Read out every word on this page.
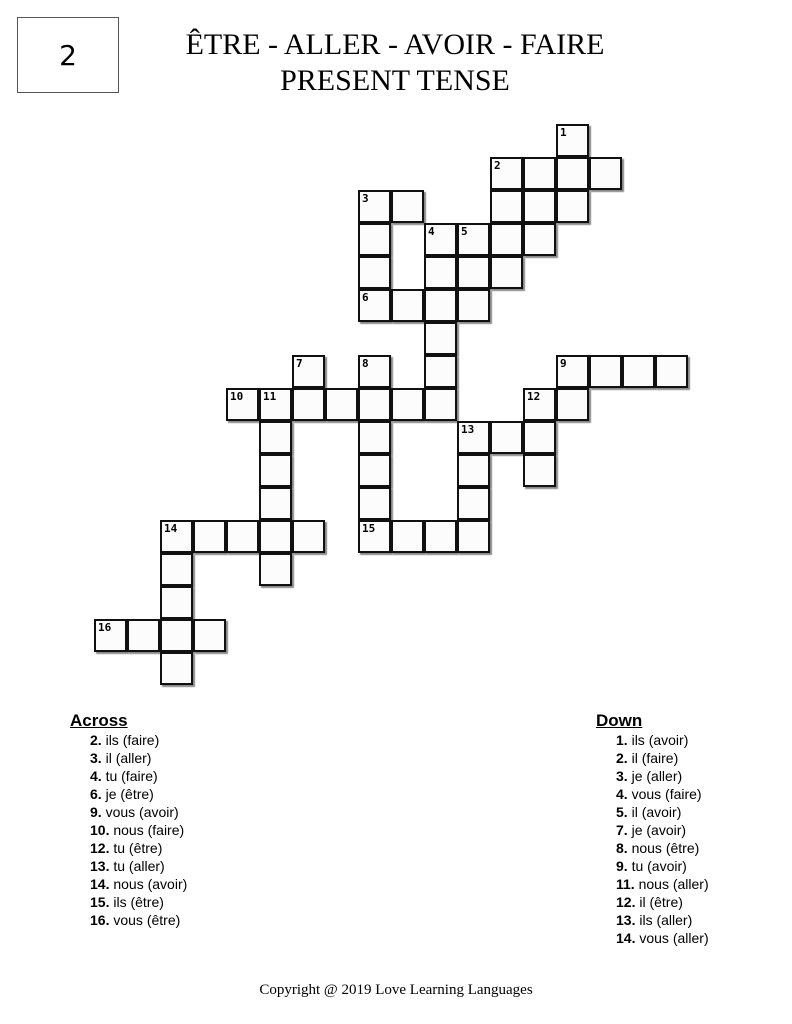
2	ÊTRE - ALLER - AVOIR - FAIRE
PRESENT TENSE
1
2
3
4 5
6
7	8	9
10 11	12
13
14	15
16
Across
2. ils (faire)
3. il (aller)
4. tu (faire)
6. je (être)
9. vous (avoir)
10. nous (faire)
12. tu (être)
13. tu (aller)
14. nous (avoir)
15. ils (être)
16. vous (être)
Down
1. ils (avoir)
2. il (faire)
3. je (aller)
4. vous (faire)
5. il (avoir)
7. je (avoir)
8. nous (être)
9. tu (avoir)
11. nous (aller)
12. il (être)
13. ils (aller)
14. vous (aller)
Copyright @ 2019 Love Learning Languages
